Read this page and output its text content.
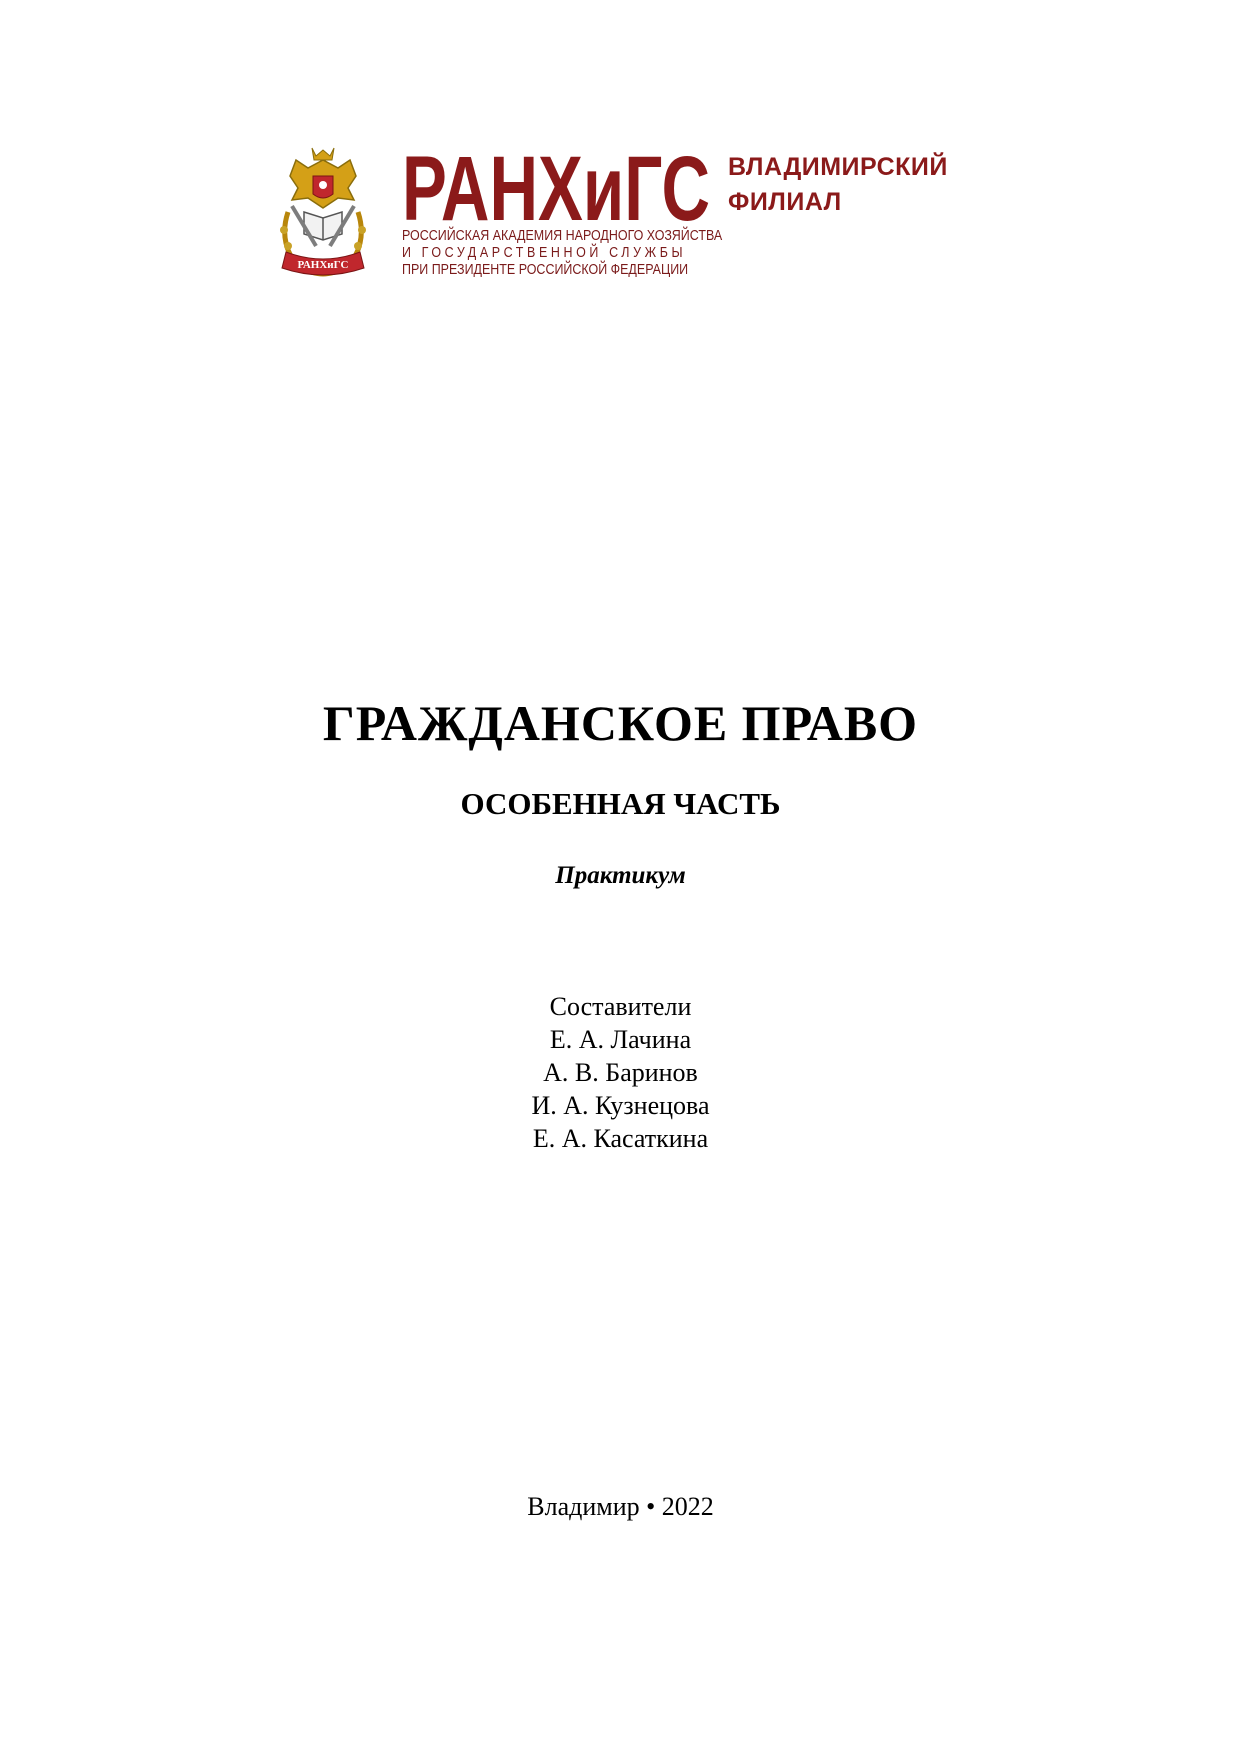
РАНХиГС
РАНХиГС
РОССИЙСКАЯ АКАДЕМИЯ НАРОДНОГО ХОЗЯЙСТВА
И ГОСУДАРСТВЕННОЙ СЛУЖБЫ
ПРИ ПРЕЗИДЕНТЕ РОССИЙСКОЙ ФЕДЕРАЦИИ
ВЛАДИМИРСКИЙ
ФИЛИАЛ
ГРАЖДАНСКОЕ ПРАВО
ОСОБЕННАЯ ЧАСТЬ
Практикум
Составители
Е. А. Лачина
А. В. Баринов
И. А. Кузнецова
Е. А. Касаткина
Владимир • 2022
